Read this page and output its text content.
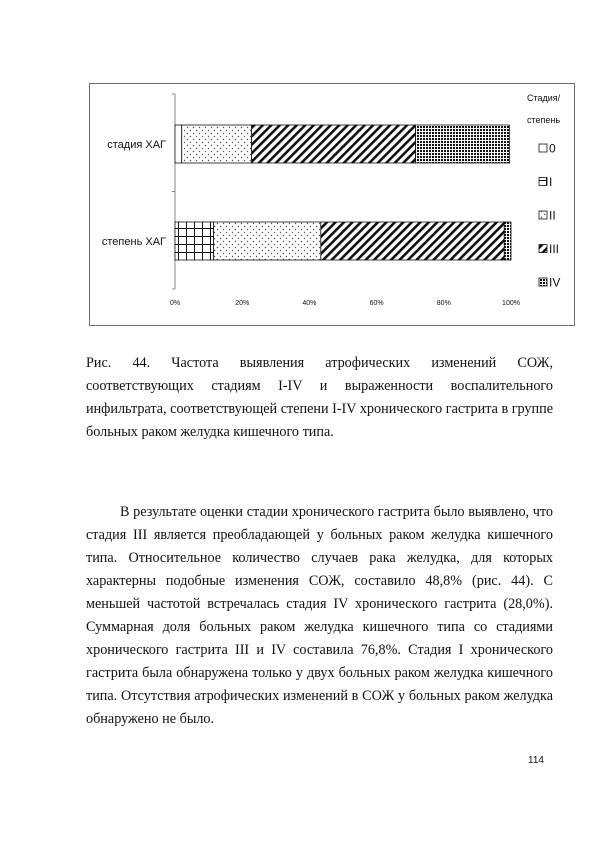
стадия ХАГ
степень ХАГ
0%	20%	40%	60%	80%	100%
Стадия/
степень
0
I
II
III
IV

Рис. 44. Частота выявления атрофических изменений СОЖ,
соответствующих стадиям I-IV и выраженности воспалительного
инфильтрата, соответствующей степени I-IV хронического гастрита в группе
больных раком желудка кишечного типа.

В результате оценки стадии хронического гастрита было выявлено, что
стадия III является преобладающей у больных раком желудка кишечного
типа. Относительное количество случаев рака желудка, для которых
характерны подобные изменения СОЖ, составило 48,8% (рис. 44). С
меньшей частотой встречалась стадия IV хронического гастрита (28,0%).
Суммарная доля больных раком желудка кишечного типа со стадиями
хронического гастрита III и IV составила 76,8%. Стадия I хронического
гастрита была обнаружена только у двух больных раком желудка кишечного
типа. Отсутствия атрофических изменений в СОЖ у больных раком желудка
обнаружено не было.

114
